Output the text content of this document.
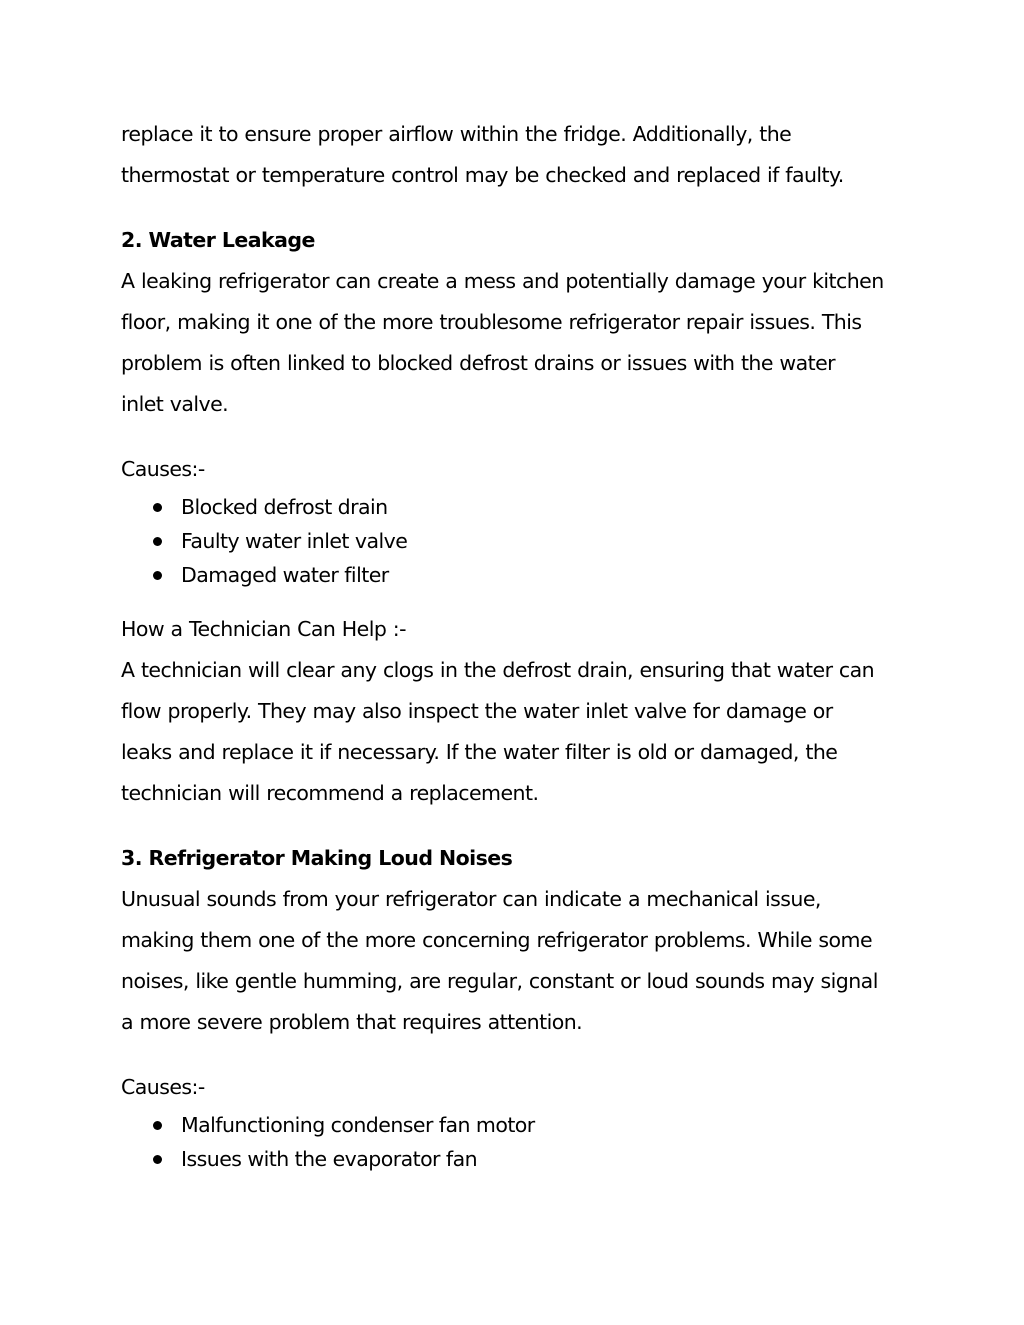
replace it to ensure proper airflow within the fridge. Additionally, the

thermostat or temperature control may be checked and replaced if faulty.

2. Water Leakage

A leaking refrigerator can create a mess and potentially damage your kitchen

floor, making it one of the more troublesome refrigerator repair issues. This

problem is often linked to blocked defrost drains or issues with the water

inlet valve.

Causes:-

Blocked defrost drain
Faulty water inlet valve
Damaged water filter

How a Technician Can Help :-

A technician will clear any clogs in the defrost drain, ensuring that water can

flow properly. They may also inspect the water inlet valve for damage or

leaks and replace it if necessary. If the water filter is old or damaged, the

technician will recommend a replacement.

3. Refrigerator Making Loud Noises

Unusual sounds from your refrigerator can indicate a mechanical issue,

making them one of the more concerning refrigerator problems. While some

noises, like gentle humming, are regular, constant or loud sounds may signal

a more severe problem that requires attention.

Causes:-

Malfunctioning condenser fan motor
Issues with the evaporator fan
